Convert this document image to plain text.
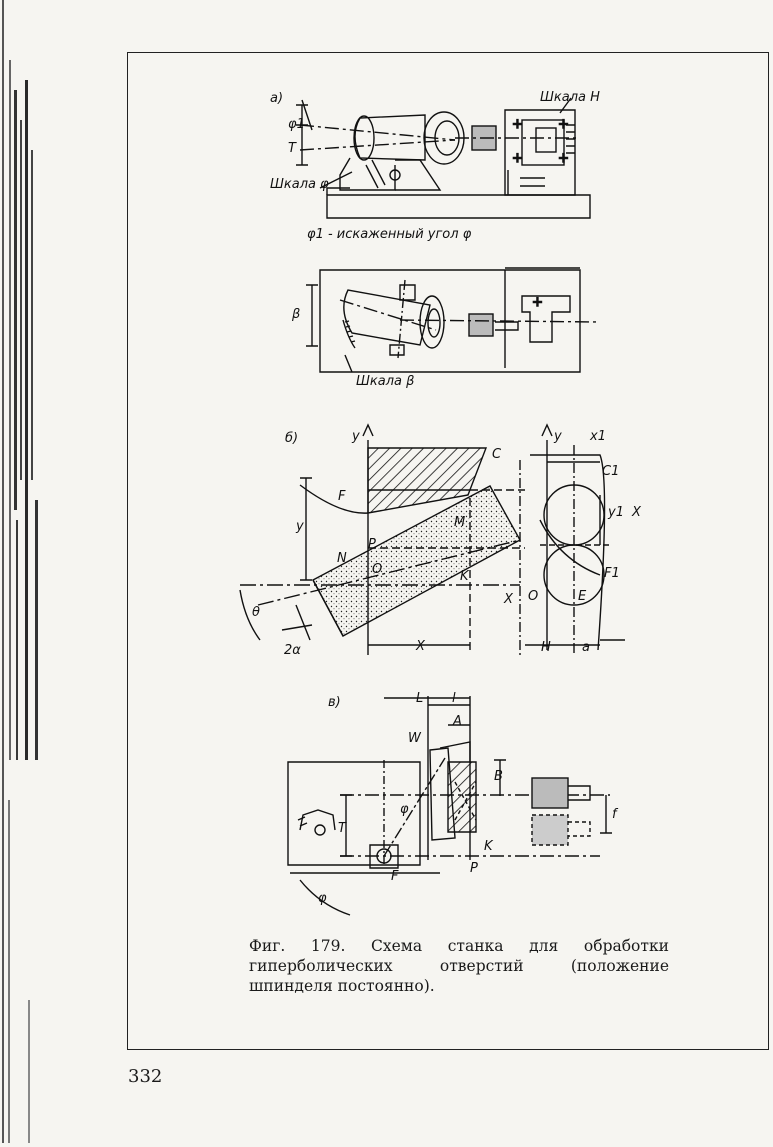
+	+
+	+
+
a)	Шкала Н
Шкала φ
φ1
T
φ1 - искаженный угол φ
β
Шкала β
б)	y
C
F
M
N
P
O	K
y
X
X
θ
2α
y x1
C1
y1 X
F1
O	E
H a
в)	L l
A
W
B
φ
T
K
P
F
f
φ
Фиг. 179. Схема станка для обработки гиперболических отверстий (положение шпинделя постоянно).
332
